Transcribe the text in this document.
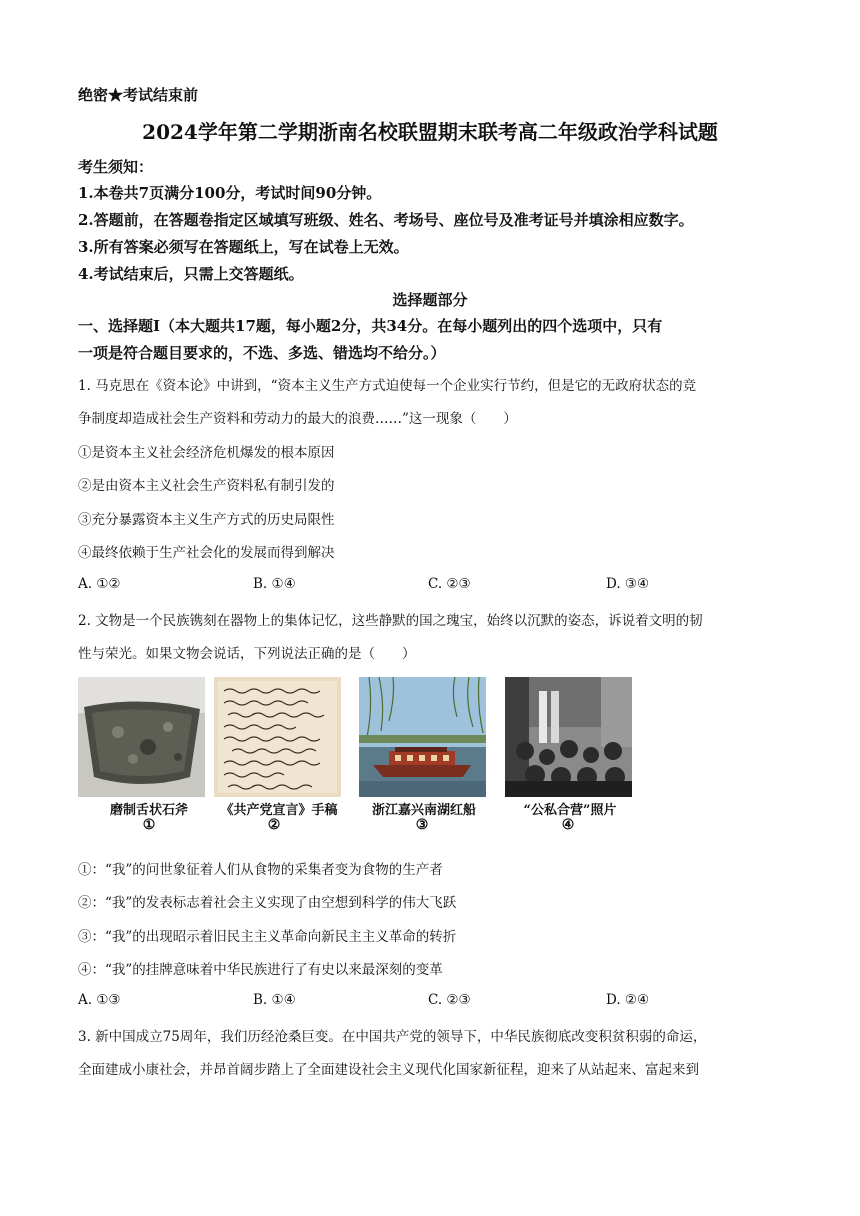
绝密★考试结束前
2024学年第二学期浙南名校联盟期末联考高二年级政治学科试题
考生须知：
1.本卷共7页满分100分，考试时间90分钟。
2.答题前，在答题卷指定区域填写班级、姓名、考场号、座位号及准考证号并填涂相应数字。
3.所有答案必须写在答题纸上，写在试卷上无效。
4.考试结束后，只需上交答题纸。
选择题部分
一、选择题Ⅰ（本大题共17题，每小题2分，共34分。在每小题列出的四个选项中，只有
一项是符合题目要求的，不选、多选、错选均不给分。）
1. 马克思在《资本论》中讲到，“资本主义生产方式迫使每一个企业实行节约，但是它的无政府状态的竞
争制度却造成社会生产资料和劳动力的最大的浪费……”这一现象（　　）
①是资本主义社会经济危机爆发的根本原因
②是由资本主义社会生产资料私有制引发的
③充分暴露资本主义生产方式的历史局限性
④最终依赖于生产社会化的发展而得到解决
A. ①②	B. ①④	C. ②③	D. ③④
2. 文物是一个民族镌刻在器物上的集体记忆，这些静默的国之瑰宝，始终以沉默的姿态，诉说着文明的韧
性与荣光。如果文物会说话，下列说法正确的是（　　）
磨制舌状石斧	《共产党宣言》手稿	浙江嘉兴南湖红船	“公私合营”照片
①	②	③	④
①：“我”的问世象征着人们从食物的采集者变为食物的生产者
②：“我”的发表标志着社会主义实现了由空想到科学的伟大飞跃
③：“我”的出现昭示着旧民主主义革命向新民主主义革命的转折
④：“我”的挂牌意味着中华民族进行了有史以来最深刻的变革
A. ①③	B. ①④	C. ②③	D. ②④
3. 新中国成立75周年，我们历经沧桑巨变。在中国共产党的领导下，中华民族彻底改变积贫积弱的命运，
全面建成小康社会，并昂首阔步踏上了全面建设社会主义现代化国家新征程，迎来了从站起来、富起来到
